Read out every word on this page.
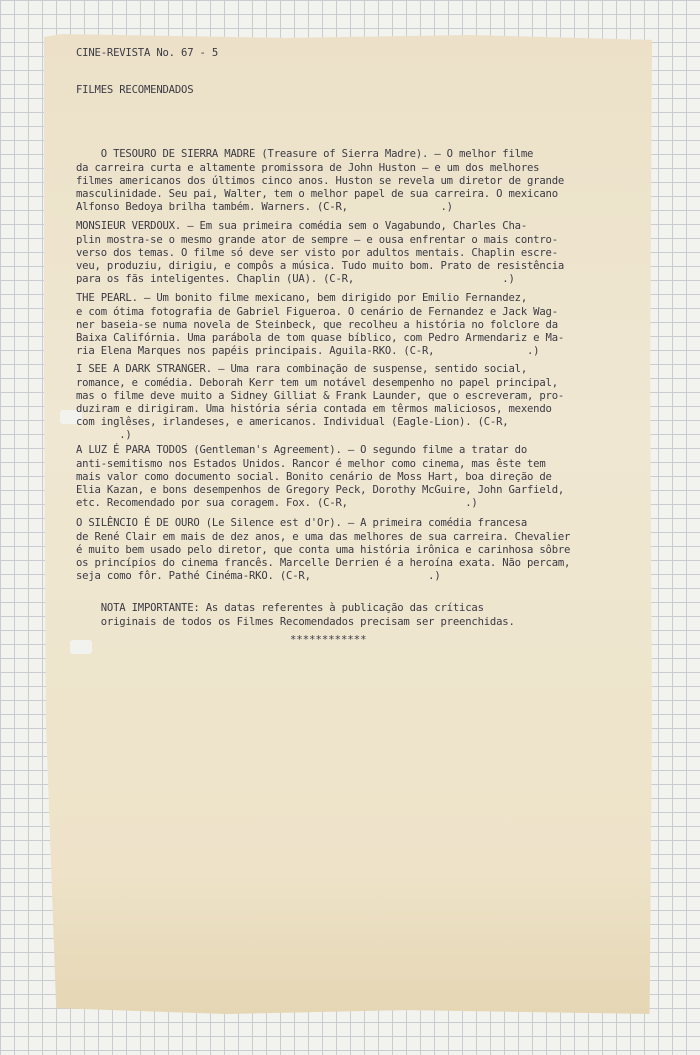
CINE-REVISTA No. 67 - 5
FILMES RECOMENDADOS

O TESOURO DE SIERRA MADRE (Treasure of Sierra Madre). — O melhor filme
da carreira curta e altamente promissora de John Huston — e um dos melhores
filmes americanos dos últimos cinco anos. Huston se revela um diretor de grande
masculinidade. Seu pai, Walter, tem o melhor papel de sua carreira. O mexicano
Alfonso Bedoya brilha também. Warners. (C-R,               .)

MONSIEUR VERDOUX. — Em sua primeira comédia sem o Vagabundo, Charles Cha-
plin mostra-se o mesmo grande ator de sempre — e ousa enfrentar o mais contro-
verso dos temas. O filme só deve ser visto por adultos mentais. Chaplin escre-
veu, produziu, dirigiu, e compôs a música. Tudo muito bom. Prato de resistência
para os fãs inteligentes. Chaplin (UA). (C-R,                        .)

THE PEARL. — Um bonito filme mexicano, bem dirigido por Emilio Fernandez,
e com ótima fotografia de Gabriel Figueroa. O cenário de Fernandez e Jack Wag-
ner baseia-se numa novela de Steinbeck, que recolheu a história no folclore da
Baixa Califórnia. Uma parábola de tom quase bíblico, com Pedro Armendariz e Ma-
ria Elena Marques nos papéis principais. Aguila-RKO. (C-R,               .)

I SEE A DARK STRANGER. — Uma rara combinação de suspense, sentido social,
romance, e comédia. Deborah Kerr tem um notável desempenho no papel principal,
mas o filme deve muito a Sidney Gilliat & Frank Launder, que o escreveram, pro-
duziram e dirigiram. Uma história séria contada em têrmos maliciosos, mexendo
com inglêses, irlandeses, e americanos. Individual (Eagle-Lion). (C-R,
.)

A LUZ É PARA TODOS (Gentleman's Agreement). — O segundo filme a tratar do
anti-semitismo nos Estados Unidos. Rancor é melhor como cinema, mas êste tem
mais valor como documento social. Bonito cenário de Moss Hart, boa direção de
Elia Kazan, e bons desempenhos de Gregory Peck, Dorothy McGuire, John Garfield,
etc. Recomendado por sua coragem. Fox. (C-R,                   .)

O SILÊNCIO É DE OURO (Le Silence est d'Or). — A primeira comédia francesa
de René Clair em mais de dez anos, e uma das melhores de sua carreira. Chevalier
é muito bem usado pelo diretor, que conta uma história irônica e carinhosa sôbre
os princípios do cinema francês. Marcelle Derrien é a heroína exata. Não percam,
seja como fôr. Pathé Cinéma-RKO. (C-R,                   .)

NOTA IMPORTANTE: As datas referentes à publicação das críticas
originais de todos os Filmes Recomendados precisam ser preenchidas.

************
